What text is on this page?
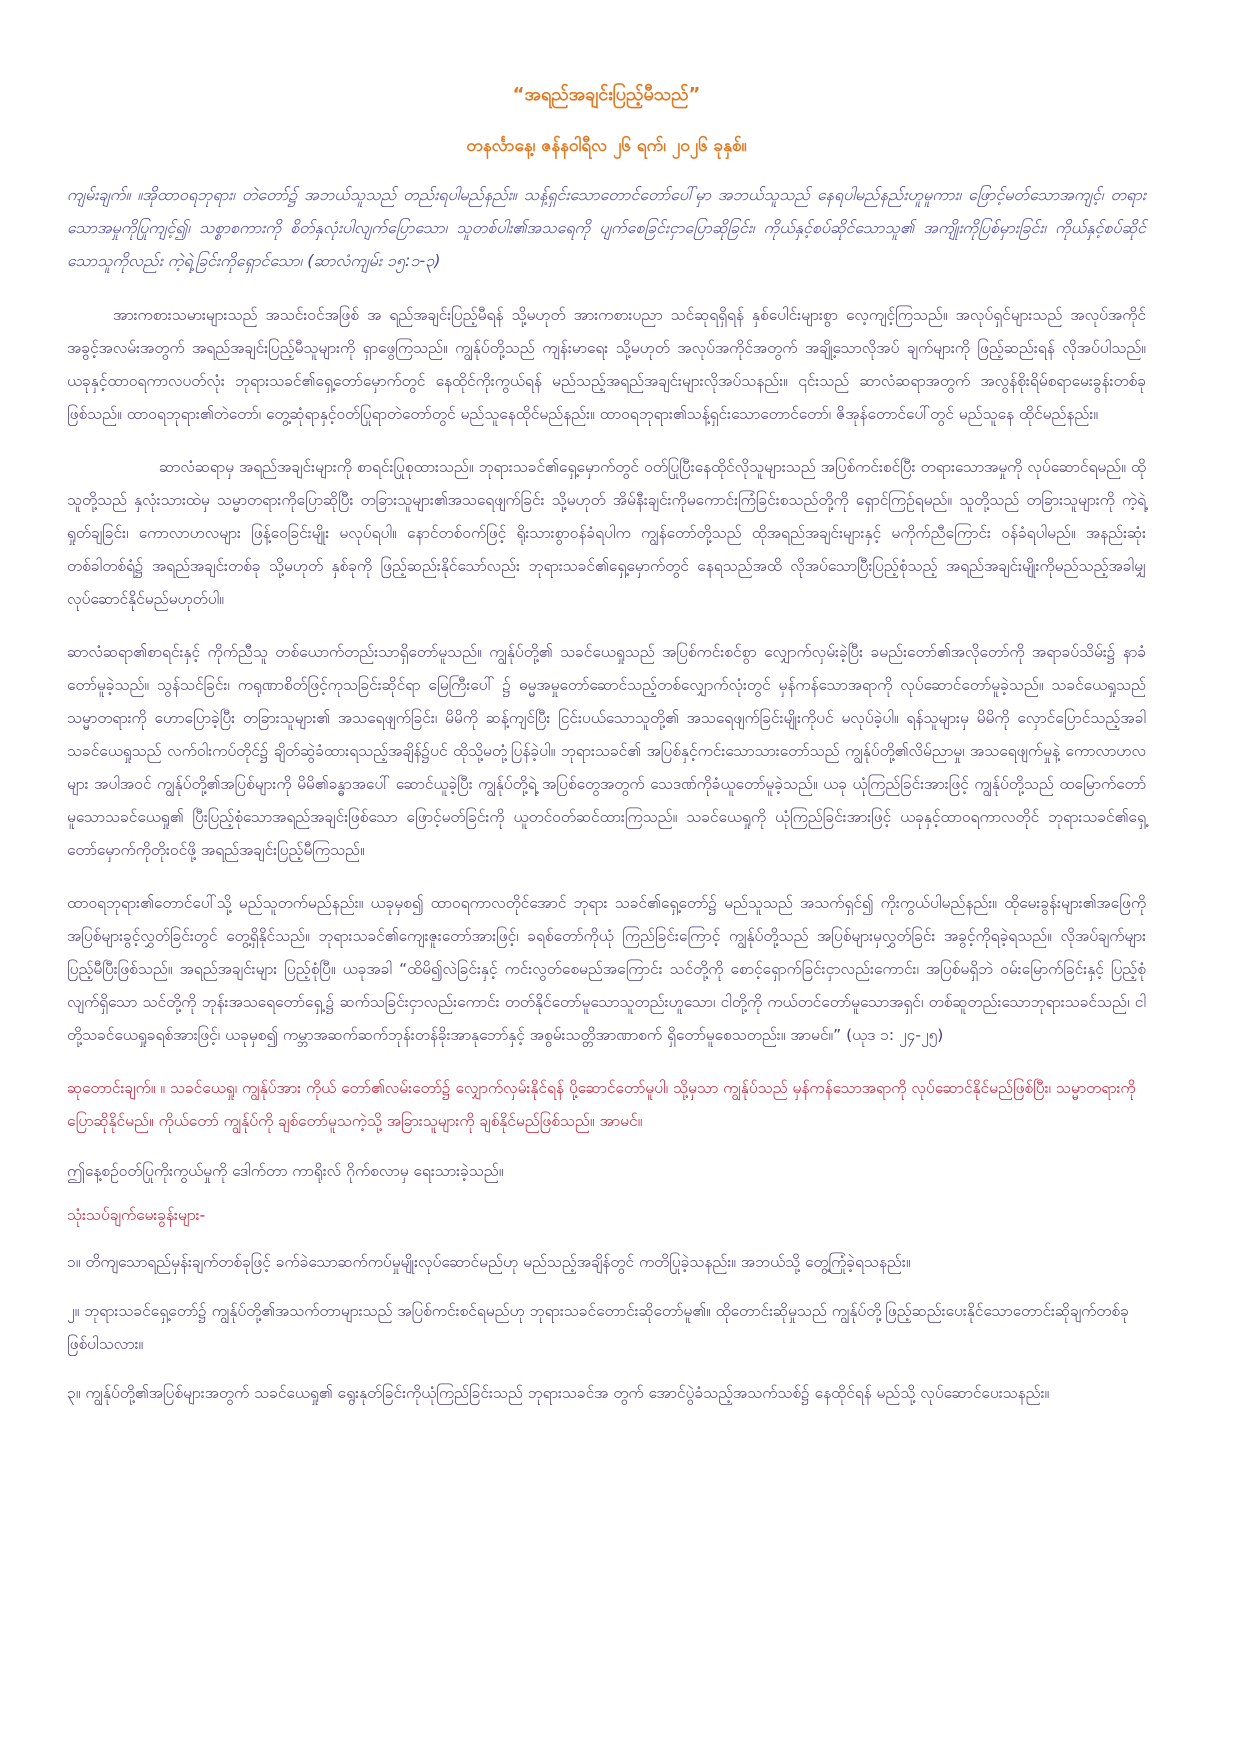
“အရည်အချင်းပြည့်မီသည်”
တနင်္လာနေ့၊ ဇန်နဝါရီလ ၂၆ ရက်၊ ၂၀၂၆ ခုနှစ်။

ကျမ်းချက်။ ။အိုထာဝရဘုရား၊ တဲတော်၌ အဘယ်သူသည် တည်းရပါမည်နည်း။ သန့်ရှင်းသောတောင်တော်ပေါ်မှာ အဘယ်သူသည် နေရပါမည်နည်းဟူမူကား၊ ဖြောင့်မတ်သောအကျင့်၊ တရားသောအမှုကိုပြုကျင့်၍၊ သစ္စာစကားကို စိတ်နှလုံးပါလျက်ပြောသော၊ သူတစ်ပါး၏အသရေကို ပျက်စေခြင်းငှာပြောဆိုခြင်း၊ ကိုယ်နှင့်စပ်ဆိုင်သောသူ၏ အကျိုးကိုပြစ်မှားခြင်း၊ ကိုယ်နှင့်စပ်ဆိုင်သောသူကိုလည်း ကဲ့ရဲ့ခြင်းကိုရှောင်သော၊ (ဆာလံကျမ်း ၁၅:၁-၃)

အားကစားသမားများသည် အသင်းဝင်အဖြစ် အ ရည်အချင်းပြည့်မီရန် သို့မဟုတ် အားကစားပညာ သင်ဆုရရှိရန် နှစ်ပေါင်းများစွာ လေ့ကျင့်ကြသည်။ အလုပ်ရှင်များသည် အလုပ်အကိုင်အခွင့်အလမ်းအတွက် အရည်အချင်းပြည့်မီသူများကို ရှာဖွေကြသည်။ ကျွန်ုပ်တို့သည် ကျန်းမာရေး သို့မဟုတ် အလုပ်အကိုင်အတွက် အချို့သောလိုအပ် ချက်များကို ဖြည့်ဆည်းရန် လိုအပ်ပါသည်။ ယခုနှင့်ထာဝရကာလပတ်လုံး ဘုရားသခင်၏ရှေ့တော်မှောက်တွင် နေထိုင်ကိုးကွယ်ရန် မည်သည့်အရည်အချင်းများလိုအပ်သနည်း။ ၎င်းသည် ဆာလံဆရာအတွက် အလွန်စိုးရိမ်စရာမေးခွန်းတစ်ခုဖြစ်သည်။ ထာဝရဘုရား၏တဲတော်၊ တွေ့ဆုံရာနှင့်ဝတ်ပြုရာတဲတော်တွင် မည်သူနေထိုင်မည်နည်း။ ထာဝရဘုရား၏သန့်ရှင်းသောတောင်တော်၊ ဇိအုန်တောင်ပေါ်တွင် မည်သူနေ ထိုင်မည်နည်း။

ဆာလံဆရာမှ အရည်အချင်းများကို စာရင်းပြုစုထားသည်။ ဘုရားသခင်၏ရှေ့မှောက်တွင် ဝတ်ပြုပြီးနေထိုင်လိုသူများသည် အပြစ်ကင်းစင်ပြီး တရားသောအမှုကို လုပ်ဆောင်ရမည်။ ထိုသူတို့သည် နှလုံးသားထဲမှ သမ္မာတရားကိုပြောဆိုပြီး တခြားသူများ၏အသရေဖျက်ခြင်း သို့မဟုတ် အိမ်နီးချင်းကိုမကောင်းကြံခြင်းစသည်တို့ကို ရှောင်ကြဉ်ရမည်။ သူတို့သည် တခြားသူများကို ကဲ့ရဲ့ရှုတ်ချခြင်း၊ ကောလာဟလများ ဖြန့်ဝေခြင်းမျိုး မလုပ်ရပါ။ နောင်တစ်ဝက်ဖြင့် ရိုးသားစွာဝန်ခံရပါက ကျွန်တော်တို့သည် ထိုအရည်အချင်းများနှင့် မကိုက်ညီကြောင်း ဝန်ခံရပါမည်။ အနည်းဆုံး တစ်ခါတစ်ရံ၌ အရည်အချင်းတစ်ခု သို့မဟုတ် နှစ်ခုကို ဖြည့်ဆည်းနိုင်သော်လည်း ဘုရားသခင်၏ရှေ့မှောက်တွင် နေရသည်အထိ လိုအပ်သောပြီးပြည့်စုံသည့် အရည်အချင်းမျိုးကိုမည်သည့်အခါမျှ လုပ်ဆောင်နိုင်မည်မဟုတ်ပါ။

ဆာလံဆရာ၏စာရင်းနှင့် ကိုက်ညီသူ တစ်ယောက်တည်းသာရှိတော်မူသည်။ ကျွန်ုပ်တို့၏ သခင်ယေရှုသည် အပြစ်ကင်းစင်စွာ လျှောက်လှမ်းခဲ့ပြီး ခမည်းတော်၏အလိုတော်ကို အရာခပ်သိမ်း၌ နာခံတော်မူခဲ့သည်။ သွန်သင်ခြင်း၊ ကရုဏာစိတ်ဖြင့်ကုသခြင်းဆိုင်ရာ မြေကြီးပေါ် ၌ ဓမ္မအမှုတော်ဆောင်သည့်တစ်လျှောက်လုံးတွင် မှန်ကန်သောအရာကို လုပ်ဆောင်တော်မူခဲ့သည်။ သခင်ယေရှုသည်သမ္မာတရားကို ဟောပြောခဲ့ပြီး တခြားသူများ၏ အသရေဖျက်ခြင်း၊ မိမိကို ဆန့်ကျင်ပြီး ငြင်းပယ်သောသူတို့၏ အသရေဖျက်ခြင်းမျိုးကိုပင် မလုပ်ခဲ့ပါ။ ရန်သူများမှ မိမိကို လှောင်ပြောင်သည့်အခါ သခင်ယေရှုသည် လက်ဝါးကပ်တိုင်၌ ချိတ်ဆွဲခံထားရသည့်အချိန်၌ပင် ထိုသို့မတုံ့ပြန်ခဲ့ပါ။ ဘုရားသခင်၏ အပြစ်နှင့်ကင်းသောသားတော်သည် ကျွန်ုပ်တို့၏လိမ်ညာမှု၊ အသရေဖျက်မှုနဲ့ ကောလာဟလများ အပါအဝင် ကျွန်ုပ်တို့၏အပြစ်များကို မိမိ၏ခန္ဓာအပေါ် ဆောင်ယူခဲ့ပြီး ကျွန်ုပ်တို့ရဲ့ အပြစ်တွေအတွက် သေဒဏ်ကိုခံယူတော်မူခဲ့သည်။ ယခု ယုံကြည်ခြင်းအားဖြင့် ကျွန်ုပ်တို့သည် ထမြောက်တော်မူသောသခင်ယေရှု၏ ပြီးပြည့်စုံသောအရည်အချင်းဖြစ်သော ဖြောင့်မတ်ခြင်းကို ယူတင်ဝတ်ဆင်ထားကြသည်။ သခင်ယေရှုကို ယုံကြည်ခြင်းအားဖြင့် ယခုနှင့်ထာဝရကာလတိုင် ဘုရားသခင်၏ရှေ့တော်မှောက်ကိုတိုးဝင်ဖို့ အရည်အချင်းပြည့်မီကြသည်။

ထာဝရဘုရား၏တောင်ပေါ်သို့ မည်သူတက်မည်နည်း။ ယခုမှစ၍ ထာဝရကာလတိုင်အောင် ဘုရား သခင်၏ရှေ့တော်၌ မည်သူသည် အသက်ရှင်၍ ကိုးကွယ်ပါမည်နည်း။ ထိုမေးခွန်းများ၏အဖြေကို အပြစ်များခွင့်လွှတ်ခြင်းတွင် တွေ့ရှိနိုင်သည်။ ဘုရားသခင်၏ကျေးဇူးတော်အားဖြင့်၊ ခရစ်တော်ကိုယုံ ကြည်ခြင်းကြောင့် ကျွန်ုပ်တို့သည် အပြစ်များမှလွှတ်ခြင်း အခွင့်ကိုရခဲ့ရသည်။ လိုအပ်ချက်များ ပြည့်မီပြီးဖြစ်သည်။ အရည်အချင်းများ ပြည့်စုံပြီ။ ယခုအခါ “ထိမိ၍လဲခြင်းနှင့် ကင်းလွတ်စေမည်အကြောင်း သင်တို့ကို စောင့်ရှောက်ခြင်းငှာလည်းကောင်း၊ အပြစ်မရှိဘဲ ဝမ်းမြောက်ခြင်းနှင့် ပြည့်စုံလျက်ရှိသော သင်တို့ကို ဘုန်းအသရေတော်ရှေ့၌ ဆက်သခြင်းငှာလည်းကောင်း တတ်နိုင်တော်မူသောသူတည်းဟူသော၊ ငါတို့ကို ကယ်တင်တော်မူသောအရှင်၊ တစ်ဆူတည်းသောဘုရားသခင်သည်၊ ငါတို့သခင်ယေရှုခရစ်အားဖြင့်၊ ယခုမှစ၍ ကမ္ဘာအဆက်ဆက်ဘုန်းတန်ခိုးအာနုဘော်နှင့် အစွမ်းသတ္တိအာဏာစက် ရှိတော်မူစေသတည်း။ အာမင်။” (ယုဒ ၁: ၂၄-၂၅)

ဆုတောင်းချက်။ ။ သခင်ယေရှု၊ ကျွန်ုပ်အား ကိုယ် တော်၏လမ်းတော်၌ လျှောက်လှမ်းနိုင်ရန် ပို့ဆောင်တော်မူပါ၊ သို့မှသာ ကျွန်ုပ်သည် မှန်ကန်သောအရာကို လုပ်ဆောင်နိုင်မည်ဖြစ်ပြီး၊ သမ္မာတရားကို ပြောဆိုနိုင်မည်။ ကိုယ်တော် ကျွန်ုပ်ကို ချစ်တော်မူသကဲ့သို့ အခြားသူများကို ချစ်နိုင်မည်ဖြစ်သည်။ အာမင်။

ဤနေ့စဉ်ဝတ်ပြုကိုးကွယ်မှုကို ဒေါက်တာ ကာရိုးလ် ဂိုက်စလာမှ ရေးသားခဲ့သည်။

သုံးသပ်ချက်မေးခွန်းများ-

၁။ တိကျသောရည်မှန်းချက်တစ်ခုဖြင့် ခက်ခဲသောဆက်ကပ်မှုမျိုးလုပ်ဆောင်မည်ဟု မည်သည့်အချိန်တွင် ကတိပြုခဲ့သနည်း။ အဘယ်သို့ တွေ့ကြုံခဲ့ရသနည်း။

၂။ ဘုရားသခင်ရှေ့တော်၌ ကျွန်ုပ်တို့၏အသက်တာများသည် အပြစ်ကင်းစင်ရမည်ဟု ဘုရားသခင်တောင်းဆိုတော်မူ၏။ ထိုတောင်းဆိုမှုသည် ကျွန်ုပ်တို့ဖြည့်ဆည်းပေးနိုင်သောတောင်းဆိုချက်တစ်ခုဖြစ်ပါသလား။

၃။ ကျွန်ုပ်တို့၏အပြစ်များအတွက် သခင်ယေရှု၏ ရွေးနုတ်ခြင်းကိုယုံကြည်ခြင်းသည် ဘုရားသခင်အ တွက် အောင်ပွဲခံသည့်အသက်သစ်၌ နေထိုင်ရန် မည်သို့ လုပ်ဆောင်ပေးသနည်း။
